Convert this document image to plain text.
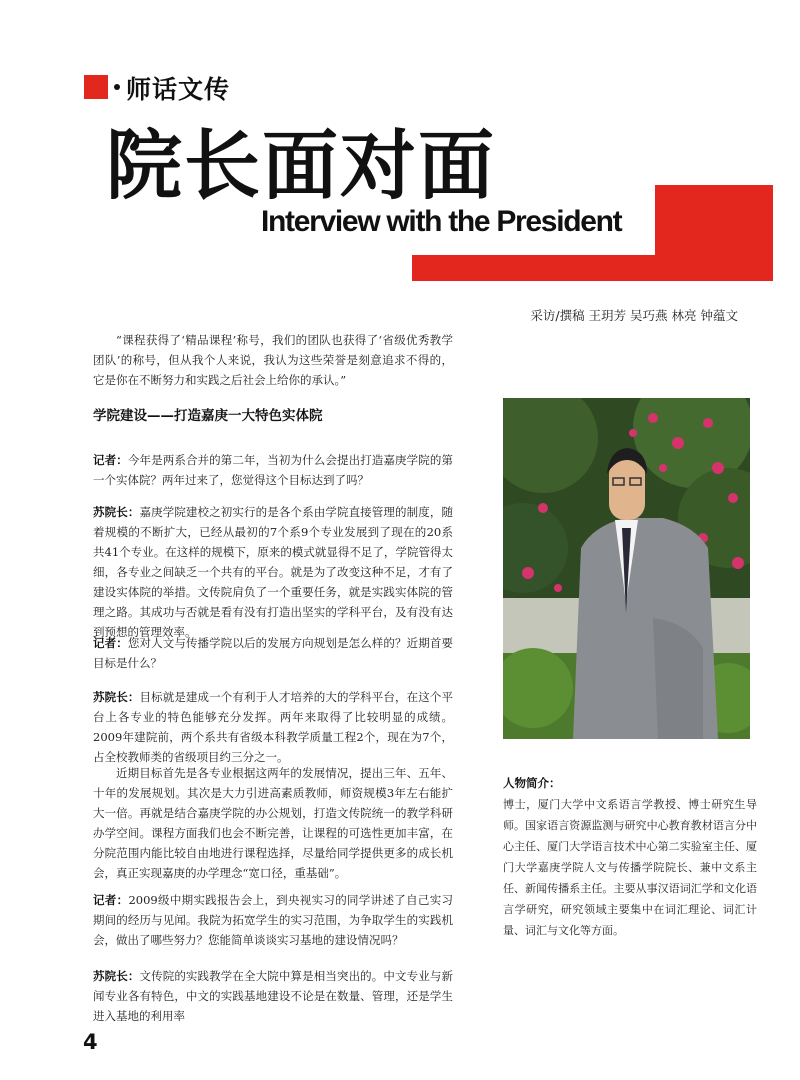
师话文传
院长面对面
Interview with the President
采访/撰稿 王玥芳 吴巧燕 林亮 钟蕴文

“课程获得了‘精品课程’称号，我们的团队也获得了‘省级优秀教学团队’的称号，但从我个人来说，我认为这些荣誉是刻意追求不得的，它是你在不断努力和实践之后社会上给你的承认。”

学院建设——打造嘉庚一大特色实体院

记者：今年是两系合并的第二年，当初为什么会提出打造嘉庚学院的第一个实体院？两年过来了，您觉得这个目标达到了吗？

苏院长：嘉庚学院建校之初实行的是各个系由学院直接管理的制度，随着规模的不断扩大，已经从最初的7个系9个专业发展到了现在的20系共41个专业。在这样的规模下，原来的模式就显得不足了，学院管得太细，各专业之间缺乏一个共有的平台。就是为了改变这种不足，才有了建设实体院的举措。文传院肩负了一个重要任务，就是实践实体院的管理之路。其成功与否就是看有没有打造出坚实的学科平台，及有没有达到预想的管理效率。

记者：您对人文与传播学院以后的发展方向规划是怎么样的？近期首要目标是什么？

苏院长：目标就是建成一个有利于人才培养的大的学科平台，在这个平台上各专业的特色能够充分发挥。两年来取得了比较明显的成绩。2009年建院前，两个系共有省级本科教学质量工程2个，现在为7个，占全校教师类的省级项目约三分之一。

近期目标首先是各专业根据这两年的发展情况，提出三年、五年、十年的发展规划。其次是大力引进高素质教师，师资规模3年左右能扩大一倍。再就是结合嘉庚学院的办公规划，打造文传院统一的教学科研办学空间。课程方面我们也会不断完善，让课程的可选性更加丰富，在分院范围内能比较自由地进行课程选择，尽量给同学提供更多的成长机会，真正实现嘉庚的办学理念“宽口径，重基础”。

记者：2009级中期实践报告会上，到央视实习的同学讲述了自己实习期间的经历与见闻。我院为拓宽学生的实习范围，为争取学生的实践机会，做出了哪些努力？您能简单谈谈实习基地的建设情况吗？

苏院长：文传院的实践教学在全大院中算是相当突出的。中文专业与新闻专业各有特色，中文的实践基地建设不论是在数量、管理，还是学生进入基地的利用率

人物简介：
博士，厦门大学中文系语言学教授、博士研究生导师。国家语言资源监测与研究中心教育教材语言分中心主任、厦门大学语言技术中心第二实验室主任、厦门大学嘉庚学院人文与传播学院院长、兼中文系主任、新闻传播系主任。主要从事汉语词汇学和文化语言学研究，研究领域主要集中在词汇理论、词汇计量、词汇与文化等方面。
4
